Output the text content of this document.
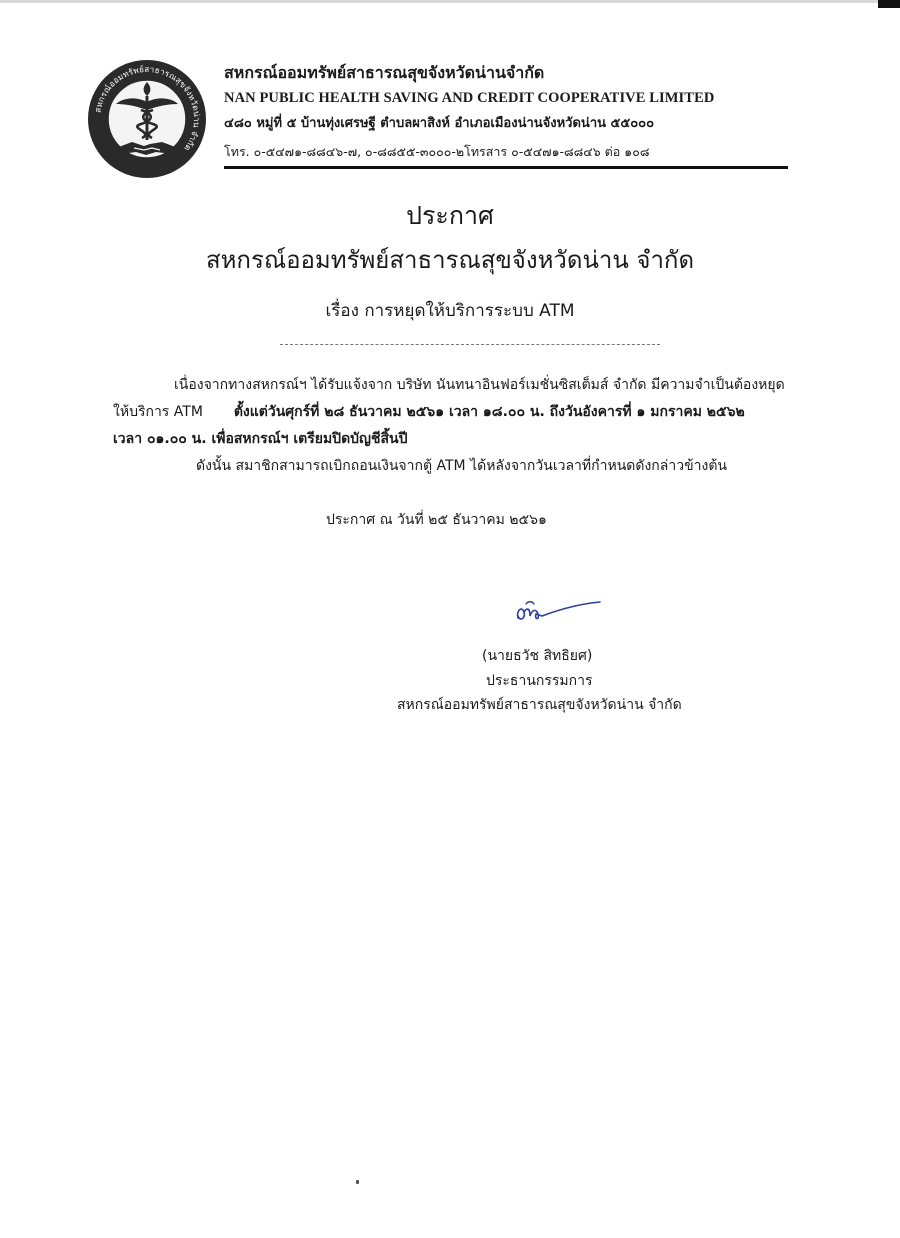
สหกรณ์ออมทรัพย์สาธารณสุขจังหวัดน่าน จำกัด
สหกรณ์ออมทรัพย์สาธารณสุขจังหวัดน่านจำกัด
NAN PUBLIC HEALTH SAVING AND CREDIT COOPERATIVE LIMITED
๔๘๐ หมู่ที่ ๕ บ้านทุ่งเศรษฐี ตำบลผาสิงห์ อำเภอเมืองน่านจังหวัดน่าน ๕๕๐๐๐
โทร. ๐-๕๔๗๑-๘๘๔๖-๗, ๐-๘๘๕๕-๓๐๐๐-๒โทรสาร ๐-๕๔๗๑-๘๘๔๖ ต่อ ๑๐๘
ประกาศ
สหกรณ์ออมทรัพย์สาธารณสุขจังหวัดน่าน จำกัด
เรื่อง การหยุดให้บริการระบบ ATM
เนื่องจากทางสหกรณ์ฯ ได้รับแจ้งจาก บริษัท นันทนาอินฟอร์เมชั่นซิสเต็มส์ จำกัด มีความจำเป็นต้องหยุด
ให้บริการ ATM ตั้งแต่วันศุกร์ที่ ๒๘ ธันวาคม ๒๕๖๑ เวลา ๑๘.๐๐ น. ถึงวันอังคารที่ ๑ มกราคม ๒๕๖๒
เวลา ๐๑.๐๐ น. เพื่อสหกรณ์ฯ เตรียมปิดบัญชีสิ้นปี
ดังนั้น สมาชิกสามารถเบิกถอนเงินจากตู้ ATM ได้หลังจากวันเวลาที่กำหนดดังกล่าวข้างต้น
ประกาศ ณ วันที่ ๒๕ ธันวาคม ๒๕๖๑
(นายธวัช สิทธิยศ)
ประธานกรรมการ
สหกรณ์ออมทรัพย์สาธารณสุขจังหวัดน่าน จำกัด
